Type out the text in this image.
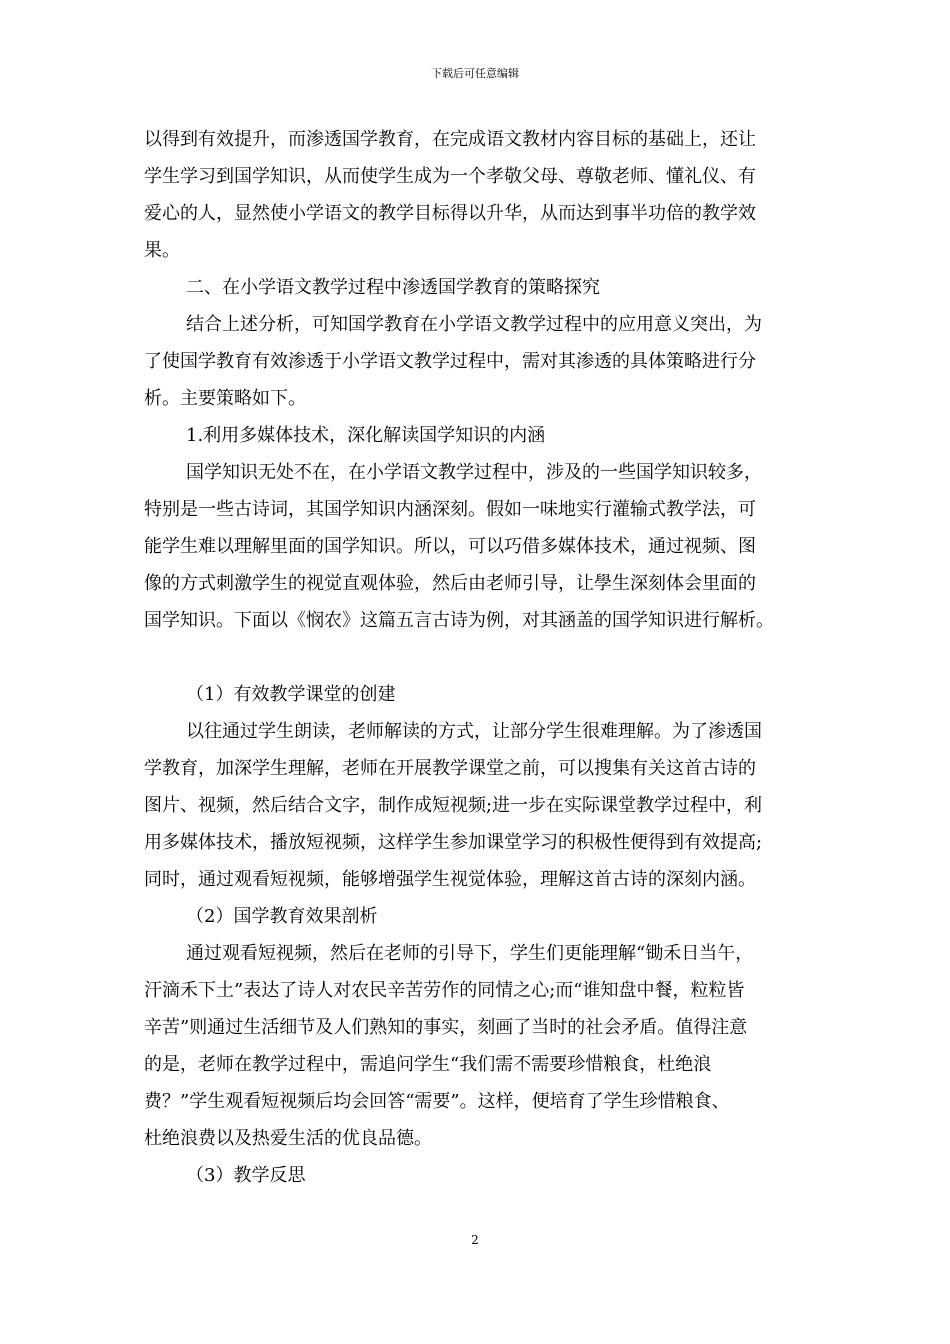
下载后可任意编辑
以得到有效提升，而渗透国学教育，在完成语文教材内容目标的基础上，还让
学生学习到国学知识，从而使学生成为一个孝敬父母、尊敬老师、懂礼仪、有
爱心的人，显然使小学语文的教学目标得以升华，从而达到事半功倍的教学效
果。
二、在小学语文教学过程中渗透国学教育的策略探究
结合上述分析，可知国学教育在小学语文教学过程中的应用意义突出，为
了使国学教育有效渗透于小学语文教学过程中，需对其渗透的具体策略进行分
析。主要策略如下。
1.利用多媒体技术，深化解读国学知识的内涵
国学知识无处不在，在小学语文教学过程中，涉及的一些国学知识较多，
特别是一些古诗词，其国学知识内涵深刻。假如一味地实行灌输式教学法，可
能学生难以理解里面的国学知识。所以，可以巧借多媒体技术，通过视频、图
像的方式刺激学生的视觉直观体验，然后由老师引导，让學生深刻体会里面的
国学知识。下面以《悯农》这篇五言古诗为例，对其涵盖的国学知识进行解析。
（1）有效教学课堂的创建
以往通过学生朗读，老师解读的方式，让部分学生很难理解。为了渗透国
学教育，加深学生理解，老师在开展教学课堂之前，可以搜集有关这首古诗的
图片、视频，然后结合文字，制作成短视频;进一步在实际课堂教学过程中，利
用多媒体技术，播放短视频，这样学生参加课堂学习的积极性便得到有效提高;
同时，通过观看短视频，能够增强学生视觉体验，理解这首古诗的深刻内涵。
（2）国学教育效果剖析
通过观看短视频，然后在老师的引导下，学生们更能理解“锄禾日当午，
汗滴禾下土”表达了诗人对农民辛苦劳作的同情之心;而“谁知盘中餐，粒粒皆
辛苦”则通过生活细节及人们熟知的事实，刻画了当时的社会矛盾。值得注意
的是，老师在教学过程中，需追问学生“我们需不需要珍惜粮食，杜绝浪
费？”学生观看短视频后均会回答“需要”。这样，便培育了学生珍惜粮食、
杜绝浪费以及热爱生活的优良品德。
（3）教学反思
2
